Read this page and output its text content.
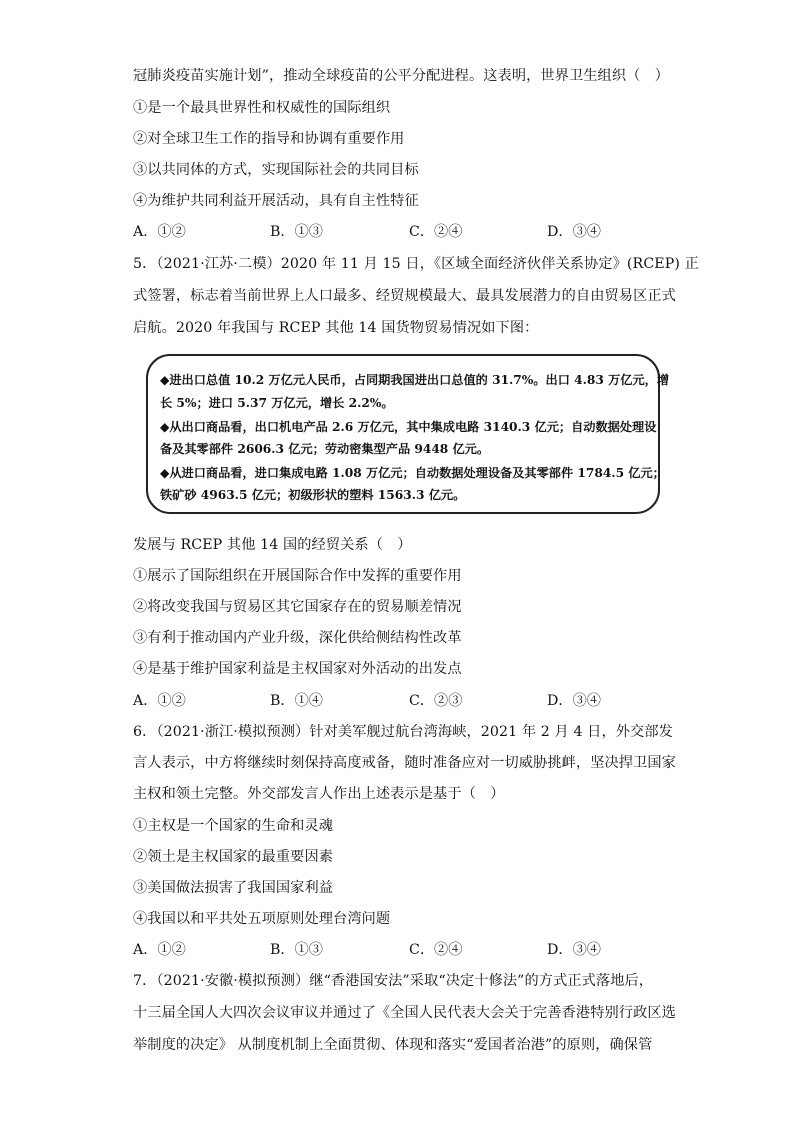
冠肺炎疫苗实施计划”，推动全球疫苗的公平分配进程。这表明，世界卫生组织（　）
①是一个最具世界性和权威性的国际组织
②对全球卫生工作的指导和协调有重要作用
③以共同体的方式，实现国际社会的共同目标
④为维护共同利益开展活动，具有自主性特征
A．①②	B．①③	C．②④	D．③④
5．（2021·江苏·二模）2020 年 11 月 15 日，《区域全面经济伙伴关系协定》(RCEP) 正
式签署，标志着当前世界上人口最多、经贸规模最大、最具发展潜力的自由贸易区正式
启航。2020 年我国与 RCEP 其他 14 国货物贸易情况如下图：
◆进出口总值 10.2 万亿元人民币，占同期我国进出口总值的 31.7%。出口 4.83 万亿元，增
长 5%；进口 5.37 万亿元，增长 2.2%。
◆从出口商品看，出口机电产品 2.6 万亿元，其中集成电路 3140.3 亿元；自动数据处理设
备及其零部件 2606.3 亿元；劳动密集型产品 9448 亿元。
◆从进口商品看，进口集成电路 1.08 万亿元；自动数据处理设备及其零部件 1784.5 亿元；
铁矿砂 4963.5 亿元；初级形状的塑料 1563.3 亿元。
发展与 RCEP 其他 14 国的经贸关系（　）
①展示了国际组织在开展国际合作中发挥的重要作用
②将改变我国与贸易区其它国家存在的贸易顺差情况
③有利于推动国内产业升级，深化供给侧结构性改革
④是基于维护国家利益是主权国家对外活动的出发点
A．①②	B．①④	C．②③	D．③④
6．（2021·浙江·模拟预测）针对美军舰过航台湾海峡，2021 年 2 月 4 日，外交部发
言人表示，中方将继续时刻保持高度戒备，随时准备应对一切威胁挑衅，坚决捍卫国家
主权和领土完整。外交部发言人作出上述表示是基于（　）
①主权是一个国家的生命和灵魂
②领土是主权国家的最重要因素
③美国做法损害了我国国家利益
④我国以和平共处五项原则处理台湾问题
A．①②	B．①③	C．②④	D．③④
7．（2021·安徽·模拟预测）继“香港国安法”采取“决定十修法”的方式正式落地后，
十三届全国人大四次会议审议并通过了《全国人民代表大会关于完善香港特别行政区选
举制度的决定》 从制度机制上全面贯彻、体现和落实“爱国者治港”的原则，确保管
